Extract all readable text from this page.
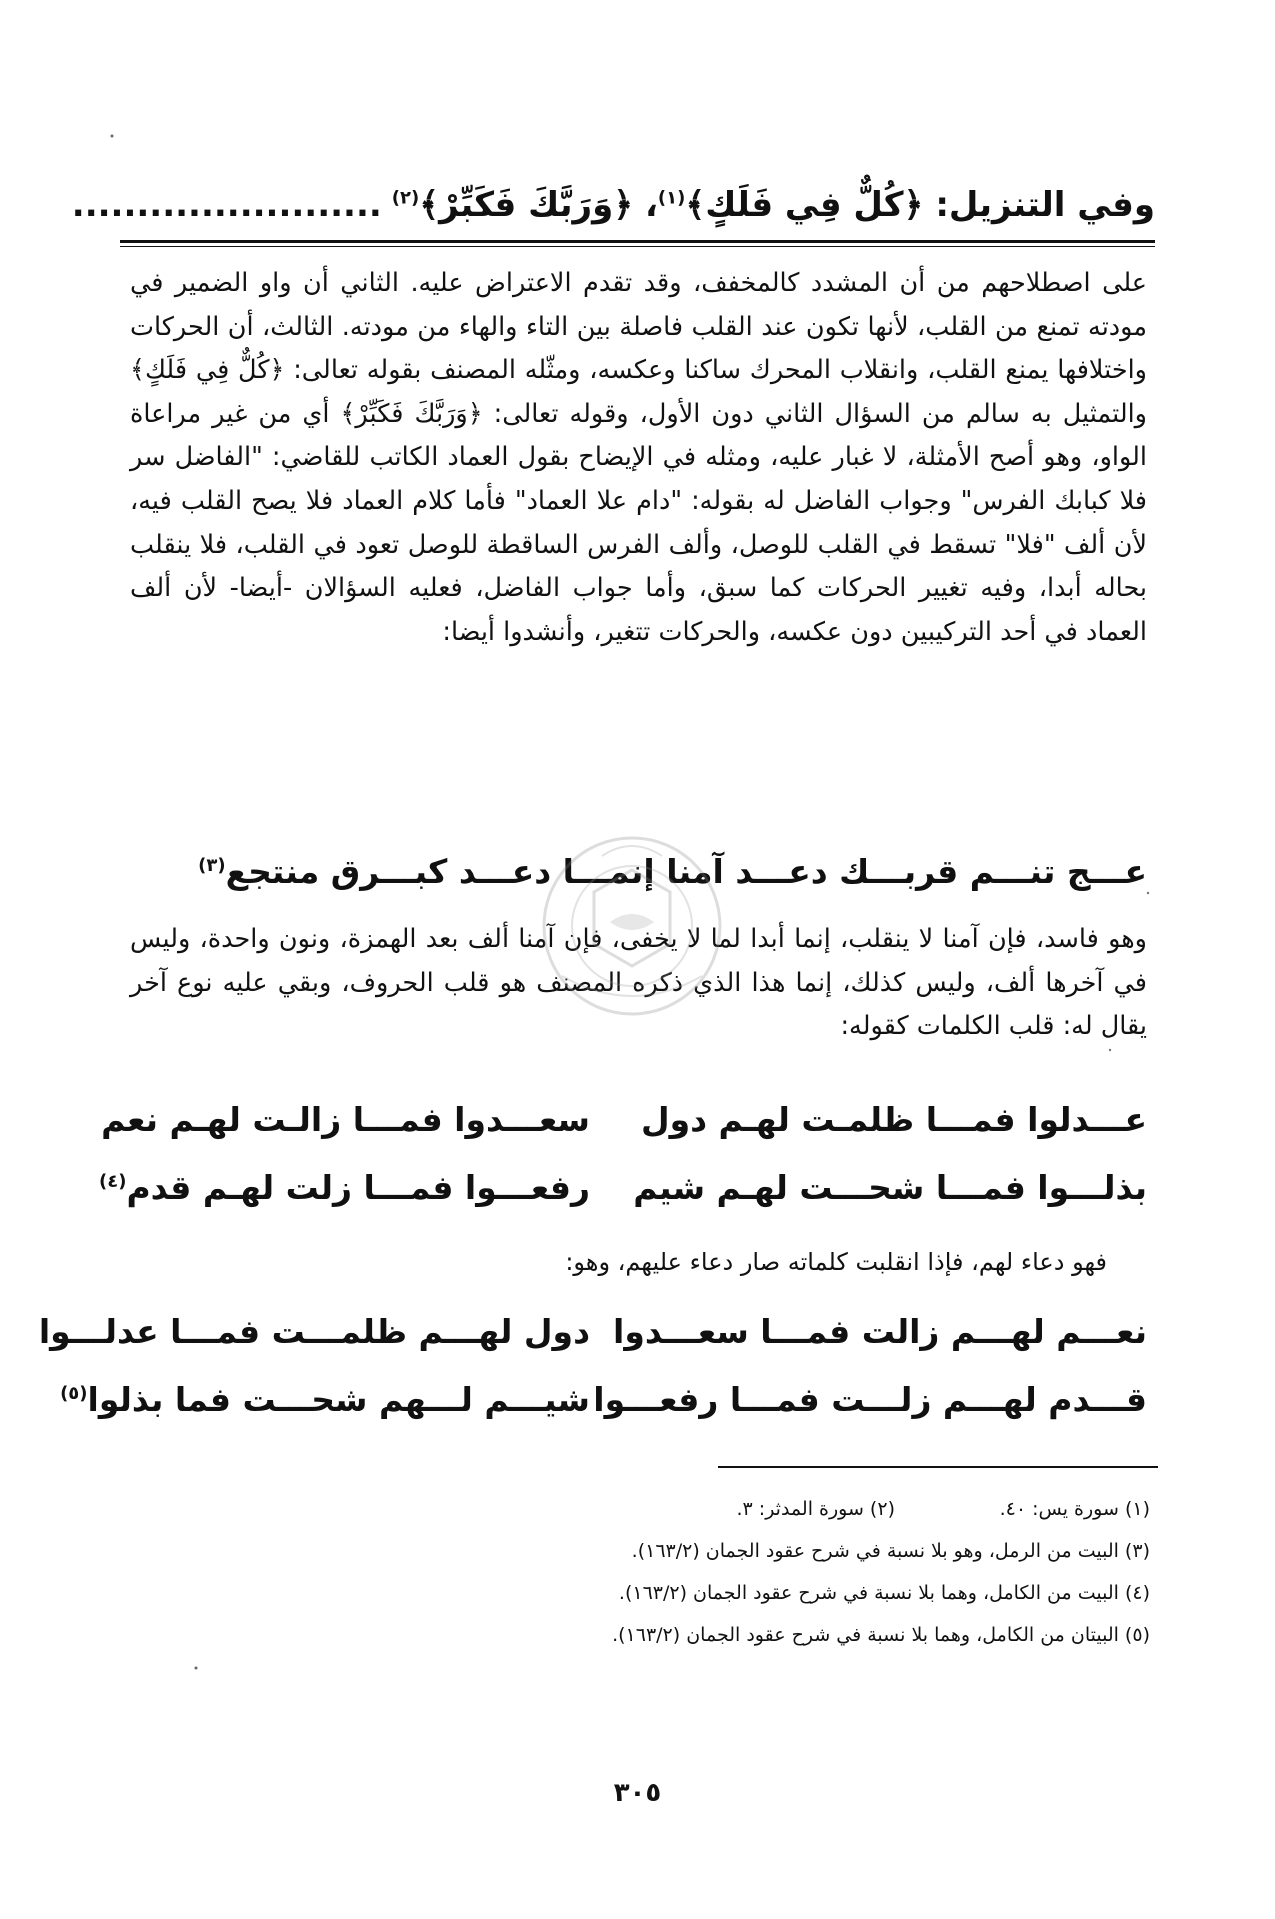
وفي التنزيل: ﴿كُلٌّ فِي فَلَكٍ﴾$^{(١)}$، ﴿وَرَبَّكَ فَكَبِّرْ﴾$^{(٢)}$........................

على اصطلاحهم من أن المشدد كالمخفف، وقد تقدم الاعتراض عليه. الثاني أن واو الضمير في مودته تمنع من القلب، لأنها تكون عند القلب فاصلة بين التاء والهاء من مودته. الثالث، أن الحركات واختلافها يمنع القلب، وانقلاب المحرك ساكنا وعكسه، ومثّله المصنف بقوله تعالى: ﴿كُلٌّ فِي فَلَكٍ﴾ والتمثيل به سالم من السؤال الثاني دون الأول، وقوله تعالى: ﴿وَرَبَّكَ فَكَبِّرْ﴾ أي من غير مراعاة الواو، وهو أصح الأمثلة، لا غبار عليه، ومثله في الإيضاح بقول العماد الكاتب للقاضي: "الفاضل سر فلا كبابك الفرس" وجواب الفاضل له بقوله: "دام علا العماد" فأما كلام العماد فلا يصح القلب فيه، لأن ألف "فلا" تسقط في القلب للوصل، وألف الفرس الساقطة للوصل تعود في القلب، فلا ينقلب بحاله أبدا، وفيه تغيير الحركات كما سبق، وأما جواب الفاضل، فعليه السؤالان -أيضا- لأن ألف العماد في أحد التركيبين دون عكسه، والحركات تتغير، وأنشدوا أيضا:

عـــج تنـــم قربـــك دعـــد آمنا إنمـــا دعـــد كبـــرق منتجع$^{(٣)}$
وهو فاسد، فإن آمنا لا ينقلب، إنما أبدا لما لا يخفى، فإن آمنا ألف بعد الهمزة، ونون واحدة، وليس في آخرها ألف، وليس كذلك، إنما هذا الذي ذكره المصنف هو قلب الحروف، وبقي عليه نوع آخر يقال له: قلب الكلمات كقوله:
عـــدلوا فمـــا ظلمـت لهـم دول
سعـــدوا فمـــا زالـت لهـم نعم
بذلـــوا فمـــا شحـــت لهـم شيم
رفعـــوا فمـــا زلت لهـم قدم$^{(٤)}$
فهو دعاء لهم، فإذا انقلبت كلماته صار دعاء عليهم، وهو:
نعـــم لهـــم زالت فمـــا سعـــدوا
دول لهـــم ظلمـــت فمـــا عدلـــوا
قـــدم لهـــم زلـــت فمـــا رفعـــوا
شيـــم لـــهم شحـــت فما بذلوا$^{(٥)}$
(١) سورة يس: ٤٠.(٢) سورة المدثر: ٣.
(٣) البيت من الرمل، وهو بلا نسبة في شرح عقود الجمان (١٦٣/٢).
(٤) البيت من الكامل، وهما بلا نسبة في شرح عقود الجمان (١٦٣/٢).
(٥) البيتان من الكامل، وهما بلا نسبة في شرح عقود الجمان (١٦٣/٢).
٣٠٥
